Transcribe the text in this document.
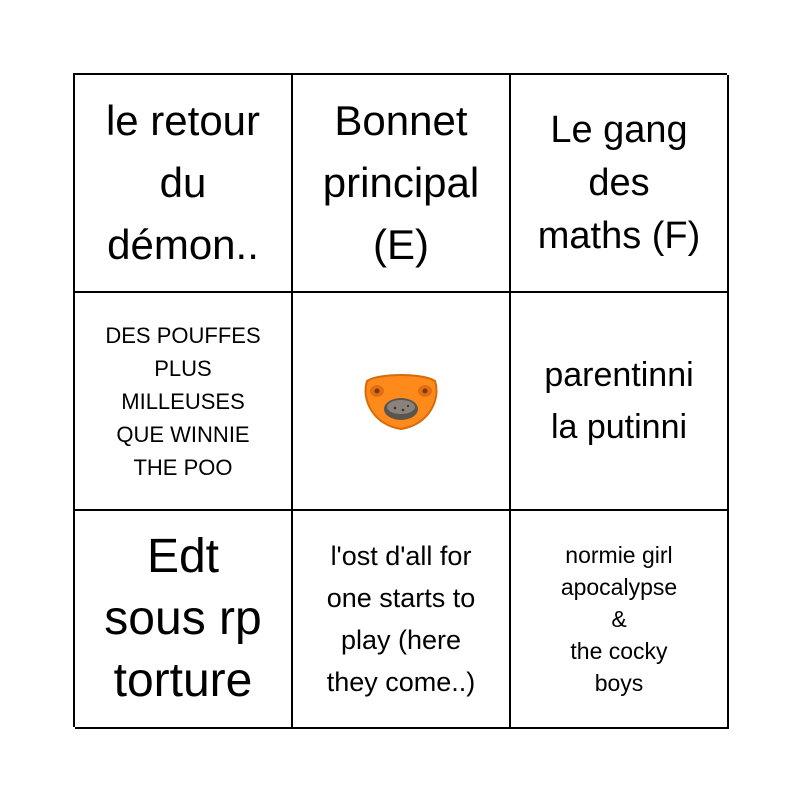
le retour
du
démon..
Bonnet
principal
(E)
Le gang
des
maths (F)
DES POUFFES
PLUS
MILLEUSES
QUE WINNIE
THE POO
parentinni
la putinni
Edt
sous rp
torture
l'ost d'all for
one starts to
play (here
they come..)
normie girl
apocalypse
&
the cocky
boys
